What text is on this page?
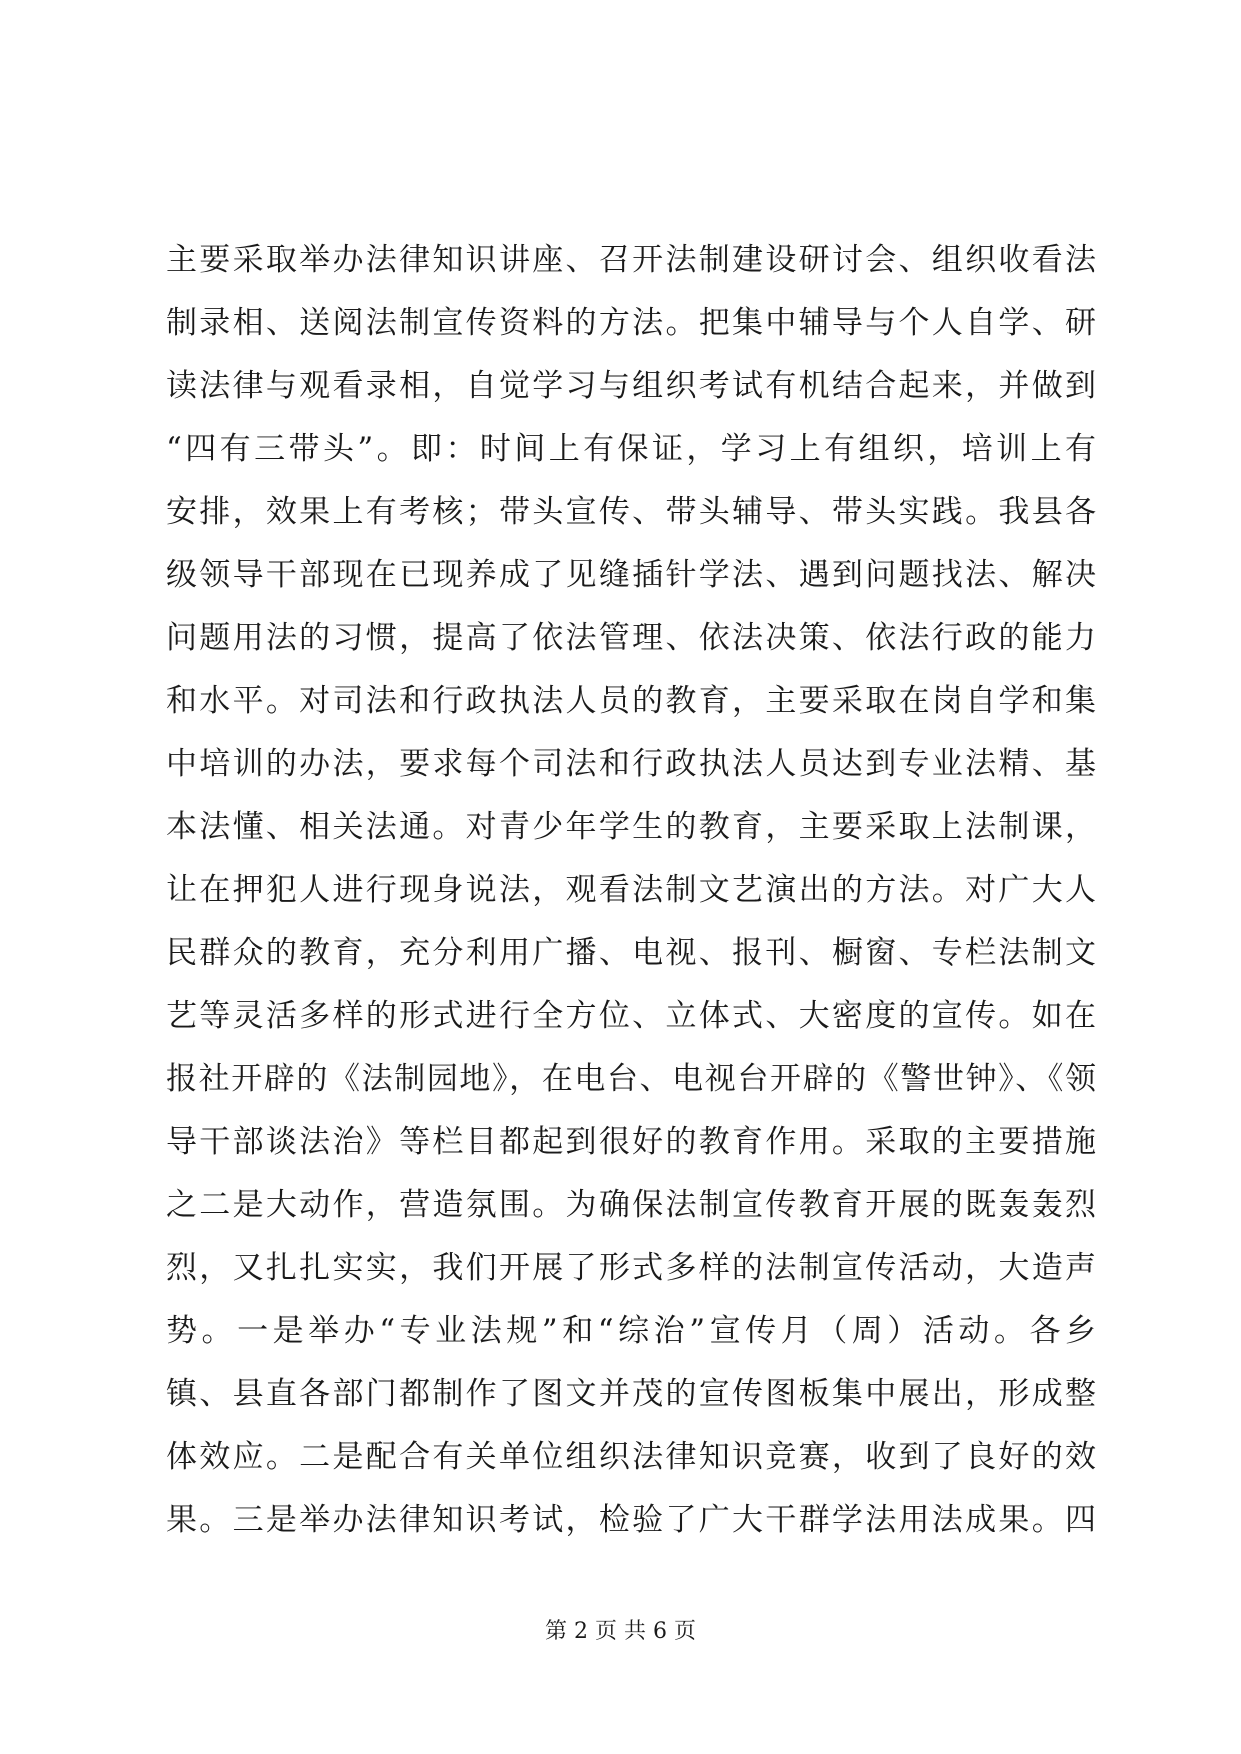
主要采取举办法律知识讲座、召开法制建设研讨会、组织收看法
制录相、送阅法制宣传资料的方法。把集中辅导与个人自学、研
读法律与观看录相，自觉学习与组织考试有机结合起来，并做到
“四有三带头”。即：时间上有保证，学习上有组织，培训上有
安排，效果上有考核；带头宣传、带头辅导、带头实践。我县各
级领导干部现在已现养成了见缝插针学法、遇到问题找法、解决
问题用法的习惯，提高了依法管理、依法决策、依法行政的能力
和水平。对司法和行政执法人员的教育，主要采取在岗自学和集
中培训的办法，要求每个司法和行政执法人员达到专业法精、基
本法懂、相关法通。对青少年学生的教育，主要采取上法制课，
让在押犯人进行现身说法，观看法制文艺演出的方法。对广大人
民群众的教育，充分利用广播、电视、报刊、橱窗、专栏法制文
艺等灵活多样的形式进行全方位、立体式、大密度的宣传。如在
报社开辟的《法制园地》，在电台、电视台开辟的《警世钟》、《领
导干部谈法治》等栏目都起到很好的教育作用。采取的主要措施
之二是大动作，营造氛围。为确保法制宣传教育开展的既轰轰烈
烈，又扎扎实实，我们开展了形式多样的法制宣传活动，大造声
势。一是举办“专业法规”和“综治”宣传月（周）活动。各乡
镇、县直各部门都制作了图文并茂的宣传图板集中展出，形成整
体效应。二是配合有关单位组织法律知识竞赛，收到了良好的效
果。三是举办法律知识考试，检验了广大干群学法用法成果。四
第 2 页 共 6 页
